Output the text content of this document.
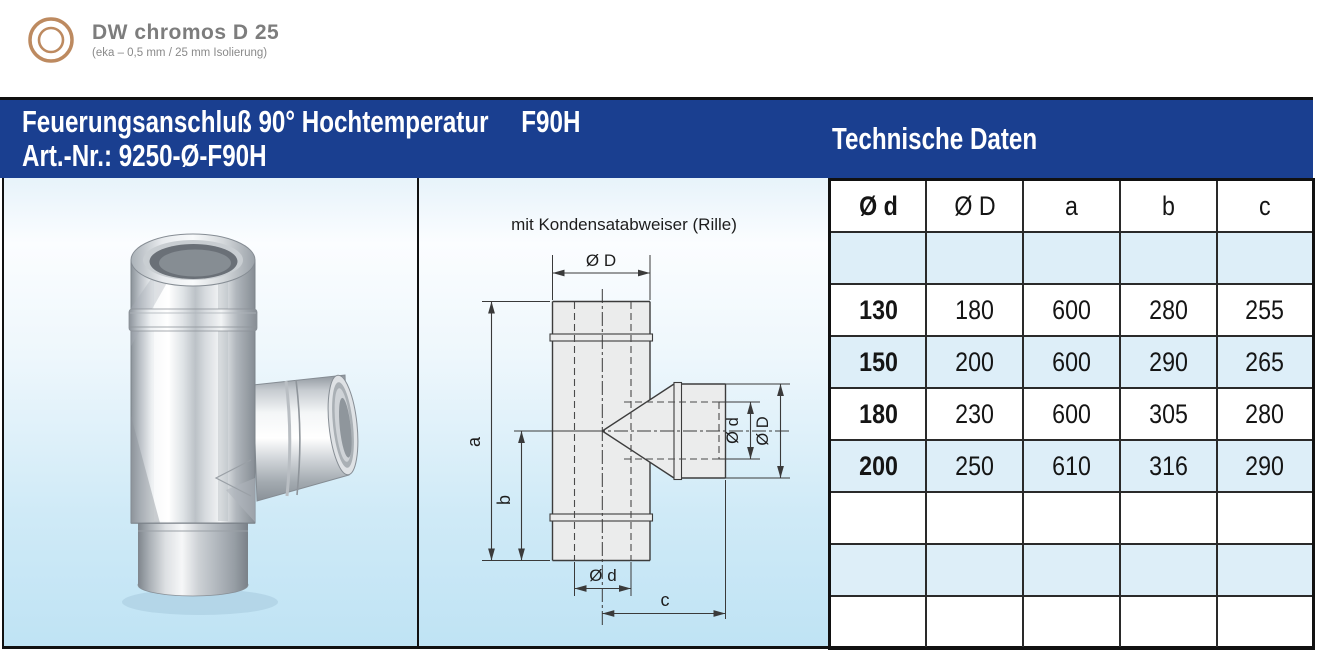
DW chromos D 25
(eka – 0,5 mm / 25 mm Isolierung)
Feuerungsanschluß 90° Hochtemperatur F90H
Art.-Nr.: 9250-Ø-F90H	Technische Daten
mit Kondensatabweiser (Rille)
Ø D
a
b
Ø d Ø D
Ø d
c
Ø d	Ø D	a	b	c

130	180	600	280	255
150	200	600	290	265
180	230	600	305	280
200	250	610	316	290
